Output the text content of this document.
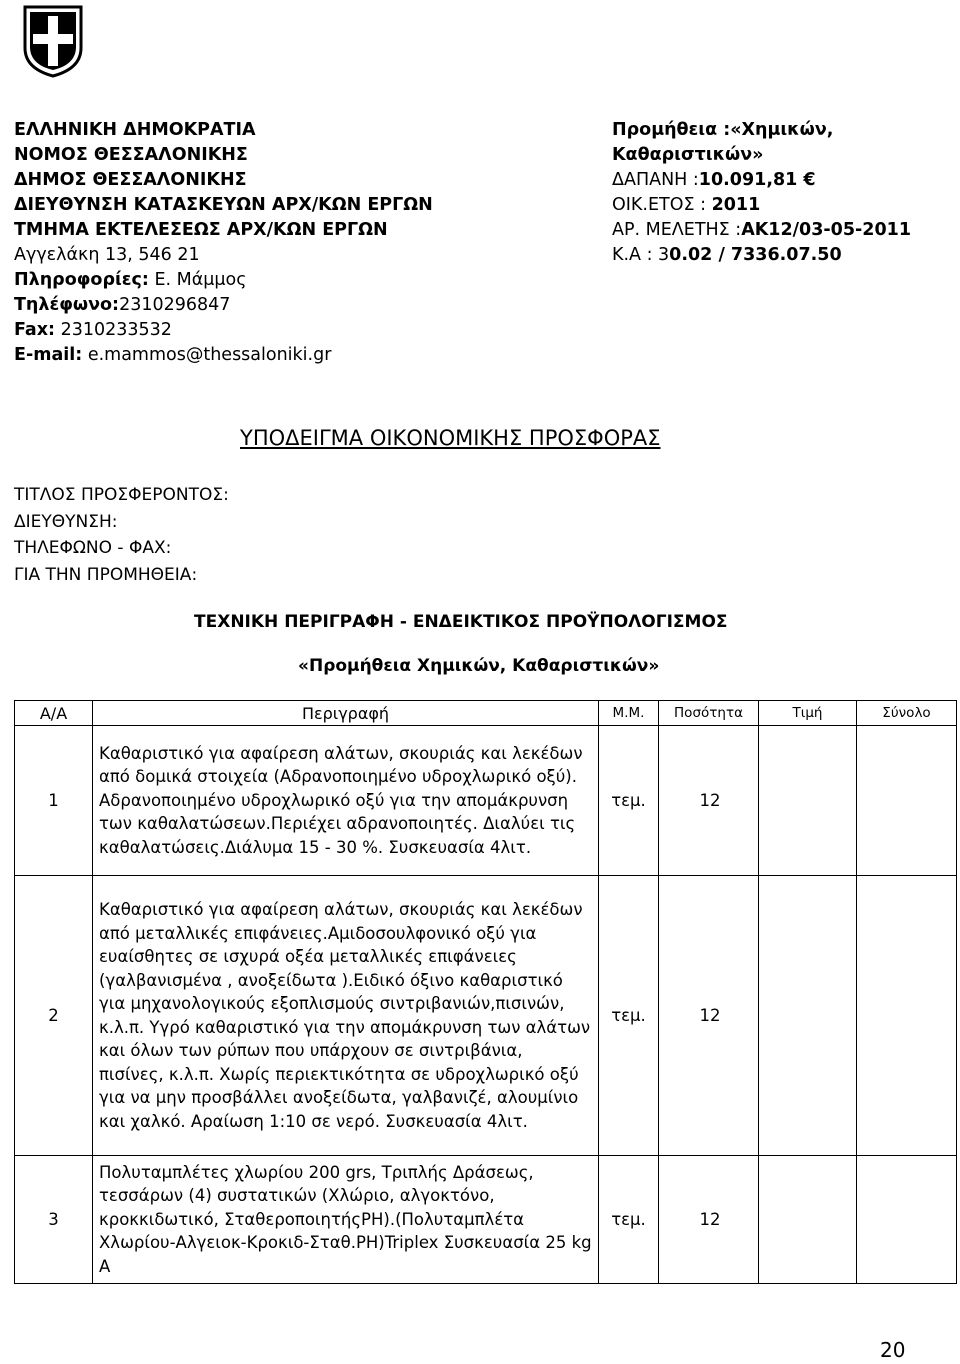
ΕΛΛΗΝΙΚΗ ΔΗΜΟΚΡΑΤΙΑ
ΝΟΜΟΣ ΘΕΣΣΑΛΟΝΙΚΗΣ
ΔΗΜΟΣ ΘΕΣΣΑΛΟΝΙΚΗΣ
ΔΙΕΥΘΥΝΣΗ ΚΑΤΑΣΚΕΥΩΝ ΑΡΧ/ΚΩΝ ΕΡΓΩΝ
ΤΜΗΜΑ ΕΚΤΕΛΕΣΕΩΣ ΑΡΧ/ΚΩΝ ΕΡΓΩΝ
Αγγελάκη 13, 546 21
Πληροφορίες: Ε. Μάμμος
Τηλέφωνο:2310296847
Fax: 2310233532
E-mail: e.mammos@thessaloniki.gr
Προμήθεια :«Χημικών,
Καθαριστικών»
ΔΑΠΑΝΗ :10.091,81 €
ΟΙΚ.ΕΤΟΣ : 2011
ΑΡ. ΜΕΛΕΤΗΣ :ΑΚ12/03-05-2011
Κ.Α : 30.02 / 7336.07.50
ΥΠΟΔΕΙΓΜΑ ΟΙΚΟΝΟΜΙΚΗΣ ΠΡΟΣΦΟΡΑΣ
ΤΙΤΛΟΣ ΠΡΟΣΦΕΡΟΝΤΟΣ:
ΔΙΕΥΘΥΝΣΗ:
ΤΗΛΕΦΩΝΟ - ΦΑΧ:
ΓΙΑ ΤΗΝ ΠΡΟΜΗΘΕΙΑ:
ΤΕΧΝΙΚΗ ΠΕΡΙΓΡΑΦΗ - ΕΝΔΕΙΚΤΙΚΟΣ ΠΡΟΫΠΟΛΟΓΙΣΜΟΣ
«Προμήθεια Χημικών, Καθαριστικών»
Α/Α	Περιγραφή	Μ.Μ.	Ποσότητα	Τιμή	Σύνολο
1	Καθαριστικό για αφαίρεση αλάτων, σκουριάς και λεκέδων από δομικά στοιχεία (Αδρανοποιημένο υδροχλωρικό οξύ). Αδρανοποιημένο υδροχλωρικό οξύ για την απομάκρυνση των καθαλατώσεων.Περιέχει αδρανοποιητές. Διαλύει τις καθαλατώσεις.Διάλυμα 15 - 30 %. Συσκευασία 4λιτ.	τεμ.	12		
2	Καθαριστικό για αφαίρεση αλάτων, σκουριάς και λεκέδων από μεταλλικές επιφάνειες.Αμιδοσουλφονικό οξύ για ευαίσθητες σε ισχυρά οξέα μεταλλικές επιφάνειες (γαλβανισμένα , ανοξείδωτα ).Ειδικό όξινο καθαριστικό για μηχανολογικούς εξοπλισμούς σιντριβανιών,πισινών, κ.λ.π. Υγρό καθαριστικό για την απομάκρυνση των αλάτων και όλων των ρύπων που υπάρχουν σε σιντριβάνια, πισίνες, κ.λ.π. Χωρίς περιεκτικότητα σε υδροχλωρικό οξύ για να μην προσβάλλει ανοξείδωτα, γαλβανιζέ, αλουμίνιο και χαλκό. Αραίωση 1:10 σε νερό. Συσκευασία 4λιτ.	τεμ.	12		
3	Πολυταμπλέτες χλωρίου 200 grs, Τριπλής Δράσεως, τεσσάρων (4) συστατικών (Χλώριο, αλγοκτόνο, κροκκιδωτικό, ΣταθεροποιητήςΡΗ).(Πολυταμπλέτα Χλωρίου-Αλγειοκ-Κροκιδ-Σταθ.ΡΗ)Triplex Συσκευασία 25 kg A	τεμ.	12		
20
